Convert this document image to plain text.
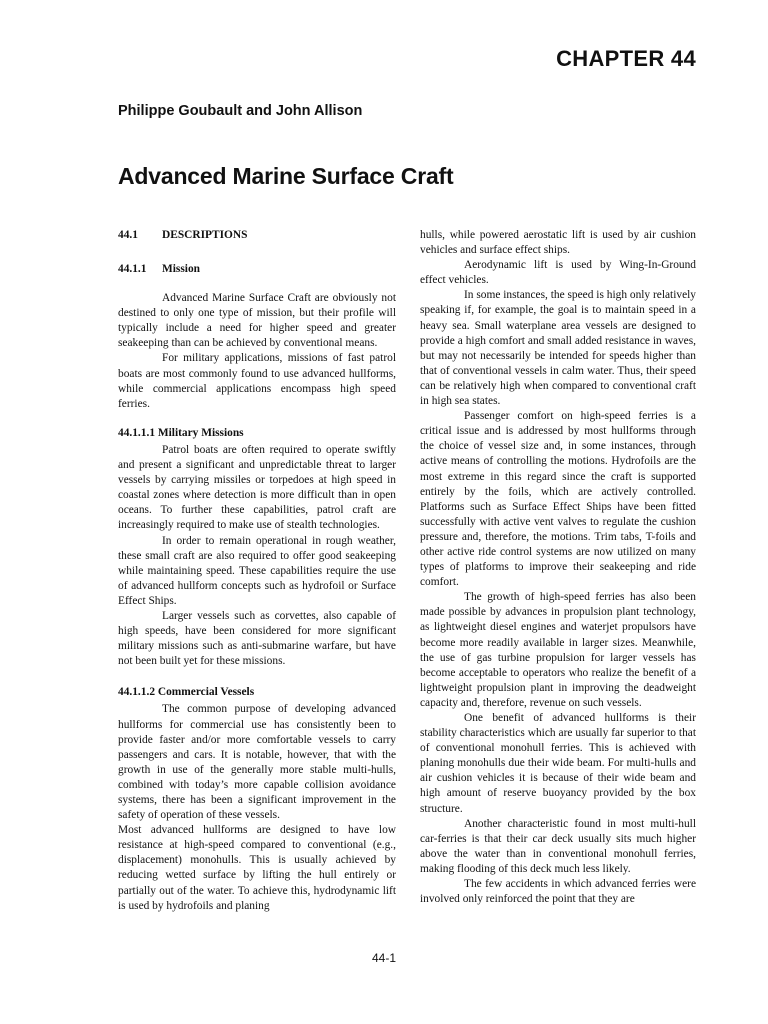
CHAPTER 44
Philippe Goubault and John Allison
Advanced Marine Surface Craft
44.1 DESCRIPTIONS
44.1.1 Mission

Advanced Marine Surface Craft are obviously not destined to only one type of mission, but their profile will typically include a need for higher speed and greater seakeeping than can be achieved by conventional means.

For military applications, missions of fast patrol boats are most commonly found to use advanced hullforms, while commercial applications encompass high speed ferries.

44.1.1.1 Military Missions

Patrol boats are often required to operate swiftly and present a significant and unpredictable threat to larger vessels by carrying missiles or torpedoes at high speed in coastal zones where detection is more difficult than in open oceans. To further these capabilities, patrol craft are increasingly required to make use of stealth technologies.

In order to remain operational in rough weather, these small craft are also required to offer good seakeeping while maintaining speed. These capabilities require the use of advanced hullform concepts such as hydrofoil or Surface Effect Ships.

Larger vessels such as corvettes, also capable of high speeds, have been considered for more significant military missions such as anti-submarine warfare, but have not been built yet for these missions.

44.1.1.2 Commercial Vessels

The common purpose of developing advanced hullforms for commercial use has consistently been to provide faster and/or more comfortable vessels to carry passengers and cars. It is notable, however, that with the growth in use of the generally more stable multi-hulls, combined with today’s more capable collision avoidance systems, there has been a significant improvement in the safety of operation of these vessels.

Most advanced hullforms are designed to have low resistance at high-speed compared to conventional (e.g., displacement) monohulls. This is usually achieved by reducing wetted surface by lifting the hull entirely or partially out of the water. To achieve this, hydrodynamic lift is used by hydrofoils and planing

hulls, while powered aerostatic lift is used by air cushion vehicles and surface effect ships.

Aerodynamic lift is used by Wing-In-Ground effect vehicles.

In some instances, the speed is high only relatively speaking if, for example, the goal is to maintain speed in a heavy sea. Small waterplane area vessels are designed to provide a high comfort and small added resistance in waves, but may not necessarily be intended for speeds higher than that of conventional vessels in calm water. Thus, their speed can be relatively high when compared to conventional craft in high sea states.

Passenger comfort on high-speed ferries is a critical issue and is addressed by most hullforms through the choice of vessel size and, in some instances, through active means of controlling the motions. Hydrofoils are the most extreme in this regard since the craft is supported entirely by the foils, which are actively controlled. Platforms such as Surface Effect Ships have been fitted successfully with active vent valves to regulate the cushion pressure and, therefore, the motions. Trim tabs, T-foils and other active ride control systems are now utilized on many types of platforms to improve their seakeeping and ride comfort.

The growth of high-speed ferries has also been made possible by advances in propulsion plant technology, as lightweight diesel engines and waterjet propulsors have become more readily available in larger sizes. Meanwhile, the use of gas turbine propulsion for larger vessels has become acceptable to operators who realize the benefit of a lightweight propulsion plant in improving the deadweight capacity and, therefore, revenue on such vessels.

One benefit of advanced hullforms is their stability characteristics which are usually far superior to that of conventional monohull ferries. This is achieved with planing monohulls due their wide beam. For multi-hulls and air cushion vehicles it is because of their wide beam and high amount of reserve buoyancy provided by the box structure.

Another characteristic found in most multi-hull car-ferries is that their car deck usually sits much higher above the water than in conventional monohull ferries, making flooding of this deck much less likely.

The few accidents in which advanced ferries were involved only reinforced the point that they are

44-1
